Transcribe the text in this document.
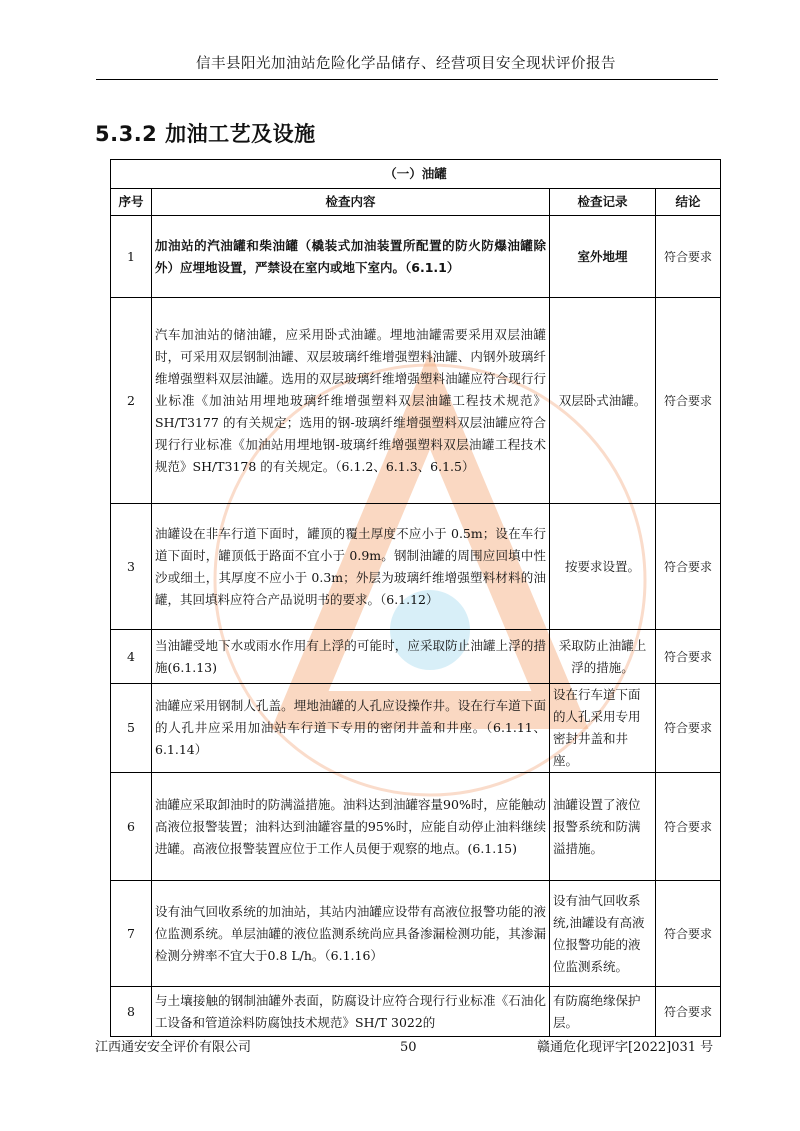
信丰县阳光加油站危险化学品储存、经营项目安全现状评价报告
5.3.2 加油工艺及设施
（一）油罐			
序号	检查内容	检查记录	结论
1	加油站的汽油罐和柴油罐（橇装式加油装置所配置的防火防爆油罐除外）应埋地设置，严禁设在室内或地下室内。（6.1.1）	室外地埋	符合要求
2	汽车加油站的储油罐，应采用卧式油罐。埋地油罐需要采用双层油罐时，可采用双层钢制油罐、双层玻璃纤维增强塑料油罐、内钢外玻璃纤维增强塑料双层油罐。选用的双层玻璃纤维增强塑料油罐应符合现行行业标准《加油站用埋地玻璃纤维增强塑料双层油罐工程技术规范》SH/T3177 的有关规定；选用的钢-玻璃纤维增强塑料双层油罐应符合现行行业标准《加油站用埋地钢-玻璃纤维增强塑料双层油罐工程技术规范》SH/T3178 的有关规定。（6.1.2、6.1.3、6.1.5）	双层卧式油罐。	符合要求
3	油罐设在非车行道下面时，罐顶的覆土厚度不应小于 0.5m；设在车行道下面时，罐顶低于路面不宜小于 0.9m。钢制油罐的周围应回填中性沙或细土，其厚度不应小于 0.3m；外层为玻璃纤维增强塑料材料的油罐，其回填料应符合产品说明书的要求。（6.1.12）	按要求设置。	符合要求
4	当油罐受地下水或雨水作用有上浮的可能时，应采取防止油罐上浮的措施(6.1.13)	采取防止油罐上浮的措施。	符合要求
5	油罐应采用钢制人孔盖。埋地油罐的人孔应设操作井。设在行车道下面的人孔井应采用加油站车行道下专用的密闭井盖和井座。（6.1.11、6.1.14）	设在行车道下面的人孔采用专用密封井盖和井座。	符合要求
6	油罐应采取卸油时的防满溢措施。油料达到油罐容量90%时，应能触动高液位报警装置；油料达到油罐容量的95%时，应能自动停止油料继续进罐。高液位报警装置应位于工作人员便于观察的地点。(6.1.15)	油罐设置了液位报警系统和防满溢措施。	符合要求
7	设有油气回收系统的加油站，其站内油罐应设带有高液位报警功能的液位监测系统。单层油罐的液位监测系统尚应具备渗漏检测功能，其渗漏检测分辨率不宜大于0.8 L/h。（6.1.16）	设有油气回收系统,油罐设有高液位报警功能的液位监测系统。	符合要求
8	与土壤接触的钢制油罐外表面，防腐设计应符合现行行业标准《石油化工设备和管道涂料防腐蚀技术规范》SH/T 3022的	有防腐绝缘保护层。	符合要求
江西通安安全评价有限公司	50	赣通危化现评字[2022]031 号
